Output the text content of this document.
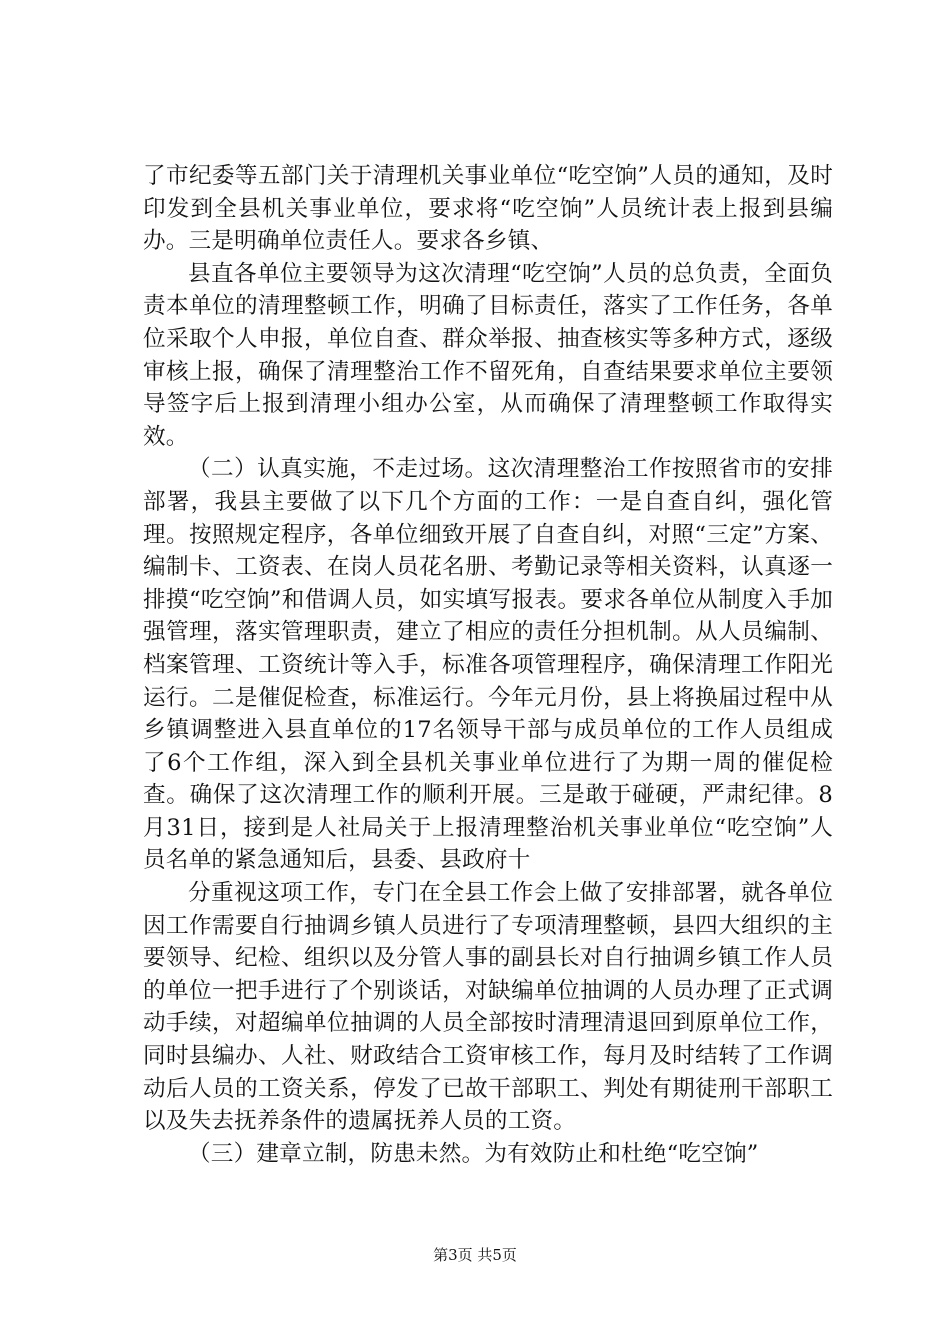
了市纪委等五部门关于清理机关事业单位“吃空饷”人员的通知，及时印发到全县机关事业单位，要求将“吃空饷”人员统计表上报到县编办。三是明确单位责任人。要求各乡镇、

县直各单位主要领导为这次清理“吃空饷”人员的总负责，全面负责本单位的清理整顿工作，明确了目标责任，落实了工作任务，各单位采取个人申报，单位自查、群众举报、抽查核实等多种方式，逐级审核上报，确保了清理整治工作不留死角，自查结果要求单位主要领导签字后上报到清理小组办公室，从而确保了清理整顿工作取得实效。

（二）认真实施，不走过场。这次清理整治工作按照省市的安排部署，我县主要做了以下几个方面的工作：一是自查自纠，强化管理。按照规定程序，各单位细致开展了自查自纠，对照“三定”方案、编制卡、工资表、在岗人员花名册、考勤记录等相关资料，认真逐一排摸“吃空饷”和借调人员，如实填写报表。要求各单位从制度入手加强管理，落实管理职责，建立了相应的责任分担机制。从人员编制、档案管理、工资统计等入手，标准各项管理程序，确保清理工作阳光运行。二是催促检查，标准运行。今年元月份，县上将换届过程中从乡镇调整进入县直单位的17名领导干部与成员单位的工作人员组成了6个工作组，深入到全县机关事业单位进行了为期一周的催促检查。确保了这次清理工作的顺利开展。三是敢于碰硬，严肃纪律。8月31日，接到是人社局关于上报清理整治机关事业单位“吃空饷”人员名单的紧急通知后，县委、县政府十

分重视这项工作，专门在全县工作会上做了安排部署，就各单位因工作需要自行抽调乡镇人员进行了专项清理整顿，县四大组织的主要领导、纪检、组织以及分管人事的副县长对自行抽调乡镇工作人员的单位一把手进行了个别谈话，对缺编单位抽调的人员办理了正式调动手续，对超编单位抽调的人员全部按时清理清退回到原单位工作，同时县编办、人社、财政结合工资审核工作，每月及时结转了工作调动后人员的工资关系，停发了已故干部职工、判处有期徒刑干部职工以及失去抚养条件的遗属抚养人员的工资。

（三）建章立制，防患未然。为有效防止和杜绝“吃空饷”

第3页 共5页
